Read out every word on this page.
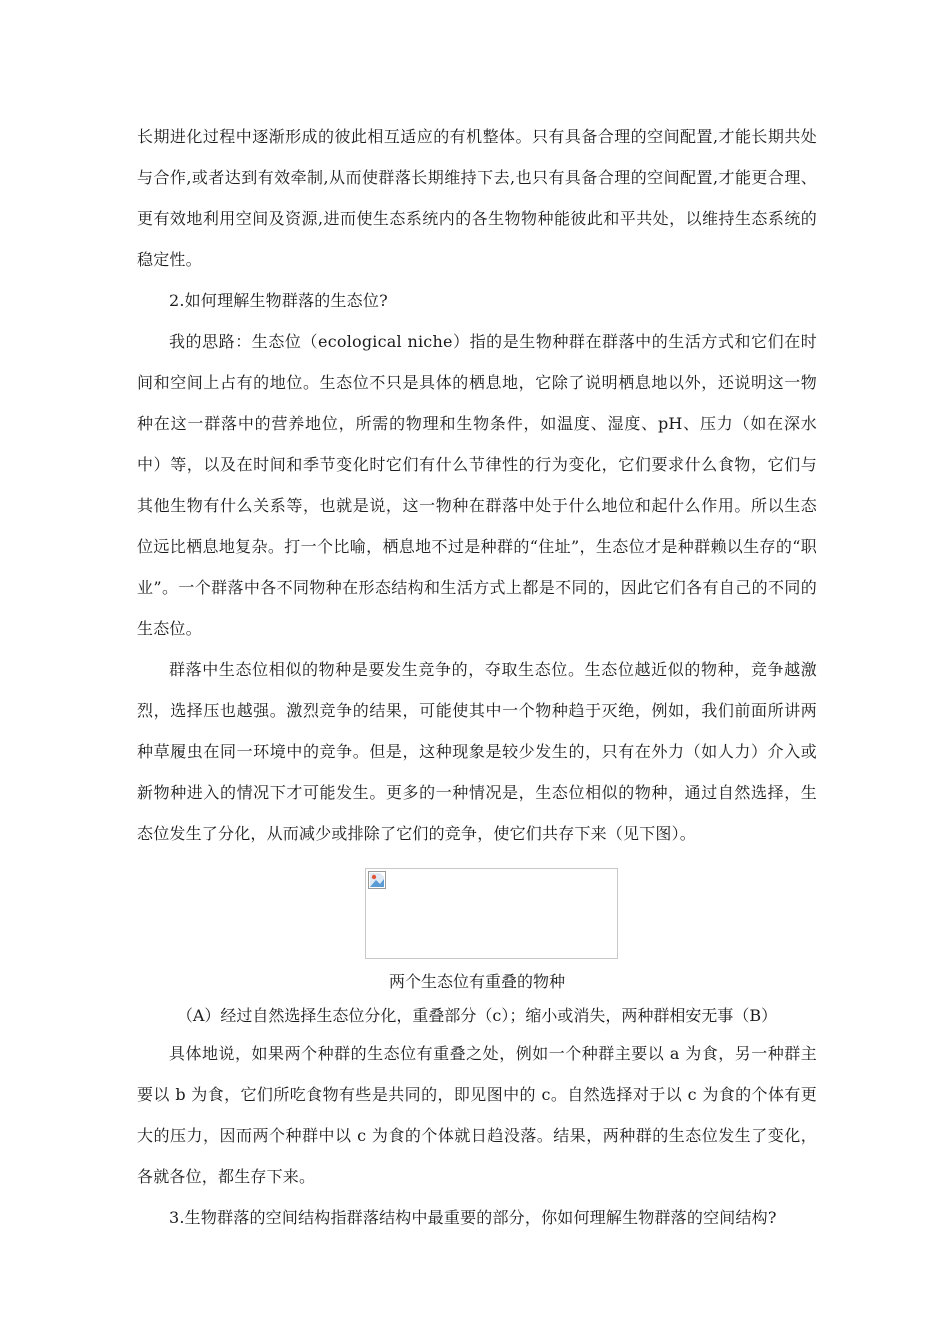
长期进化过程中逐渐形成的彼此相互适应的有机整体。只有具备合理的空间配置,才能长期共处与合作,或者达到有效牵制,从而使群落长期维持下去,也只有具备合理的空间配置,才能更合理、更有效地利用空间及资源,进而使生态系统内的各生物物种能彼此和平共处，以维持生态系统的稳定性。

2.如何理解生物群落的生态位?

我的思路：生态位（ecological niche）指的是生物种群在群落中的生活方式和它们在时间和空间上占有的地位。生态位不只是具体的栖息地，它除了说明栖息地以外，还说明这一物种在这一群落中的营养地位，所需的物理和生物条件，如温度、湿度、pH、压力（如在深水中）等，以及在时间和季节变化时它们有什么节律性的行为变化，它们要求什么食物，它们与其他生物有什么关系等，也就是说，这一物种在群落中处于什么地位和起什么作用。所以生态位远比栖息地复杂。打一个比喻，栖息地不过是种群的“住址”，生态位才是种群赖以生存的“职业”。一个群落中各不同物种在形态结构和生活方式上都是不同的，因此它们各有自己的不同的生态位。

群落中生态位相似的物种是要发生竞争的，夺取生态位。生态位越近似的物种，竞争越激烈，选择压也越强。激烈竞争的结果，可能使其中一个物种趋于灭绝，例如，我们前面所讲两种草履虫在同一环境中的竞争。但是，这种现象是较少发生的，只有在外力（如人力）介入或新物种进入的情况下才可能发生。更多的一种情况是，生态位相似的物种，通过自然选择，生态位发生了分化，从而减少或排除了它们的竞争，使它们共存下来（见下图）。

两个生态位有重叠的物种

（A）经过自然选择生态位分化，重叠部分（c）；缩小或消失，两种群相安无事（B）

具体地说，如果两个种群的生态位有重叠之处，例如一个种群主要以 a 为食，另一种群主要以 b 为食，它们所吃食物有些是共同的，即见图中的 c。自然选择对于以 c 为食的个体有更大的压力，因而两个种群中以 c 为食的个体就日趋没落。结果，两种群的生态位发生了变化，各就各位，都生存下来。

3.生物群落的空间结构指群落结构中最重要的部分，你如何理解生物群落的空间结构?
